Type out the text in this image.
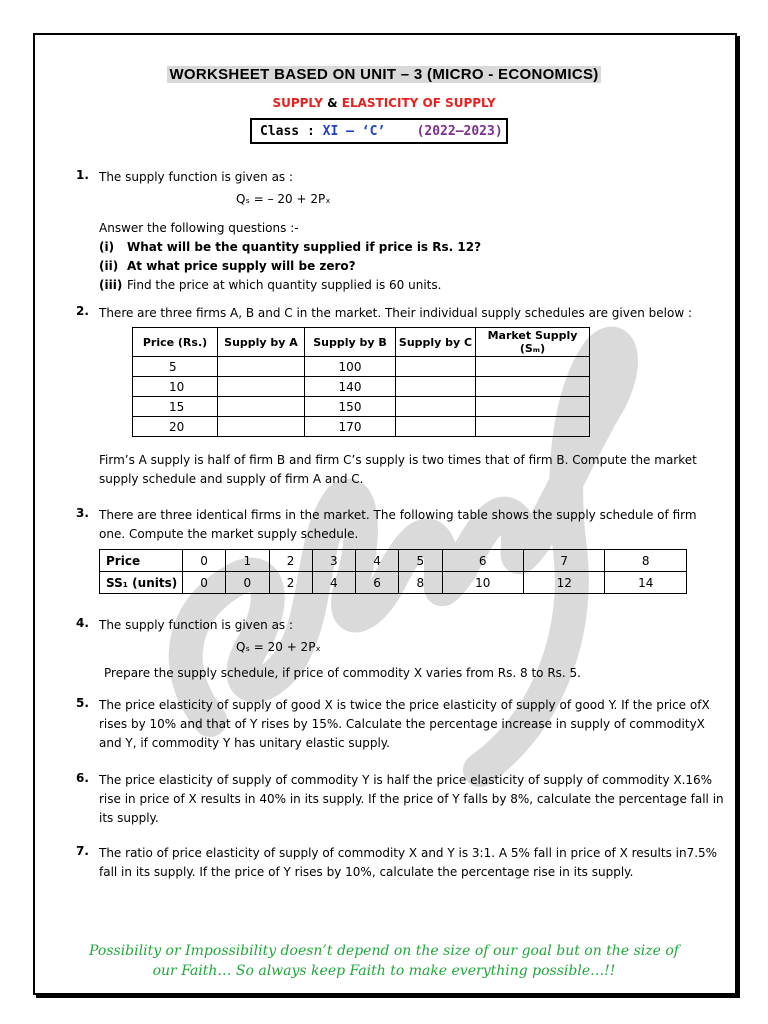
WORKSHEET BASED ON UNIT – 3 (MICRO - ECONOMICS)
SUPPLY & ELASTICITY OF SUPPLY
Class : XI – ‘C’
(2022–2023)
1. The supply function is given as :
Qₛ = – 20 + 2Pₓ
Answer the following questions :-
(i) What will be the quantity supplied if price is Rs. 12?
(ii) At what price supply will be zero?
(iii) Find the price at which quantity supplied is 60 units.
2. There are three firms A, B and C in the market. Their individual supply schedules are given below :
Price (Rs.)	Supply by A	Supply by B	Supply by C	Market Supply (Sₘ)
5		100		
10		140		
15		150		
20		170		
Firm’s A supply is half of firm B and firm C’s supply is two times that of firm B. Compute the market supply schedule and supply of firm A and C.
3. There are three identical firms in the market. The following table shows the supply schedule of firm one. Compute the market supply schedule.
Price	0	1	2	3	4	5	6	7	8
SS₁ (units)	0	0	2	4	6	8	10	12	14
4. The supply function is given as :
Qₛ = 20 + 2Pₓ
Prepare the supply schedule, if price of commodity X varies from Rs. 8 to Rs. 5.
5. The price elasticity of supply of good X is twice the price elasticity of supply of good Y. If the price ofX rises by 10% and that of Y rises by 15%. Calculate the percentage increase in supply of commodityX and Y, if commodity Y has unitary elastic supply.
6. The price elasticity of supply of commodity Y is half the price elasticity of supply of commodity X.16% rise in price of X results in 40% in its supply. If the price of Y falls by 8%, calculate the percentage fall in its supply.
7. The ratio of price elasticity of supply of commodity X and Y is 3:1. A 5% fall in price of X results in7.5% fall in its supply. If the price of Y rises by 10%, calculate the percentage rise in its supply.
Possibility or Impossibility doesn’t depend on the size of our goal but on the size of
our Faith… So always keep Faith to make everything possible…!!
